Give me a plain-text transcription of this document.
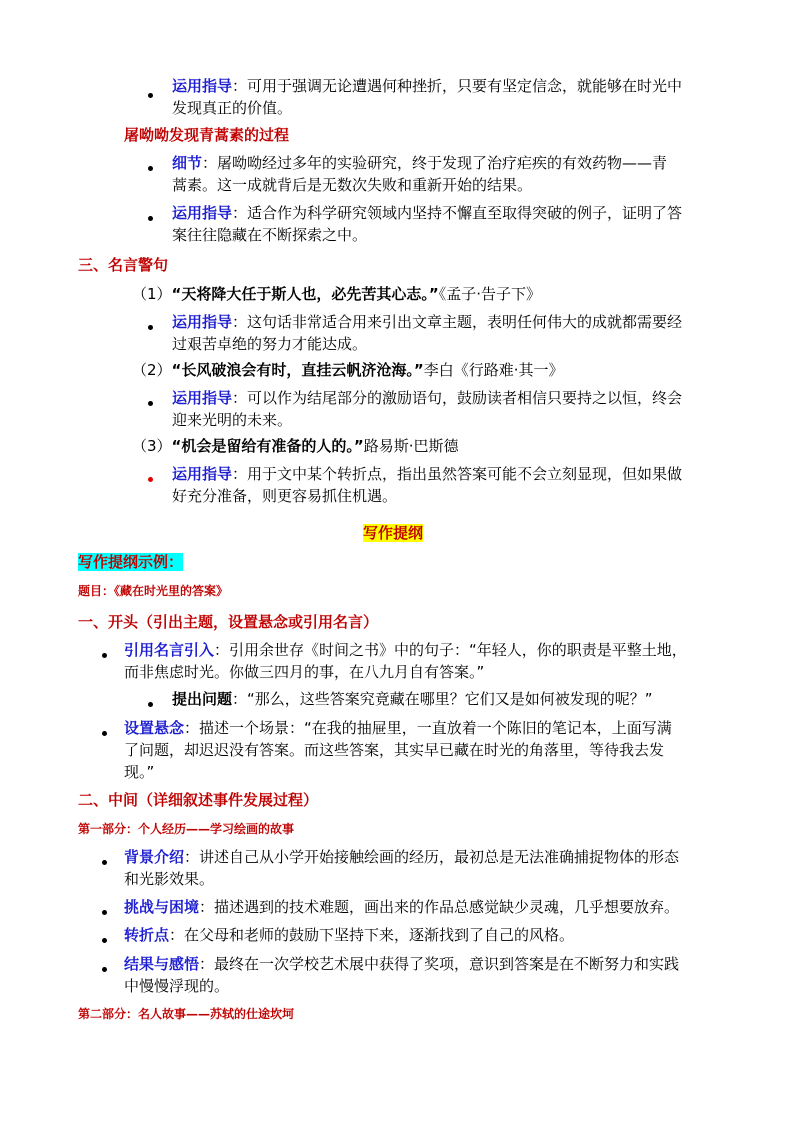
运用指导：可用于强调无论遭遇何种挫折，只要有坚定信念，就能够在时光中
发现真正的价值。
屠呦呦发现青蒿素的过程
细节：屠呦呦经过多年的实验研究，终于发现了治疗疟疾的有效药物——青
蒿素。这一成就背后是无数次失败和重新开始的结果。
运用指导：适合作为科学研究领域内坚持不懈直至取得突破的例子，证明了答
案往往隐藏在不断探索之中。
三、名言警句
（1）“天将降大任于斯人也，必先苦其心志。”《孟子·告子下》
运用指导：这句话非常适合用来引出文章主题，表明任何伟大的成就都需要经
过艰苦卓绝的努力才能达成。
（2）“长风破浪会有时，直挂云帆济沧海。”李白《行路难·其一》
运用指导：可以作为结尾部分的激励语句，鼓励读者相信只要持之以恒，终会
迎来光明的未来。
（3）“机会是留给有准备的人的。”路易斯·巴斯德
运用指导：用于文中某个转折点，指出虽然答案可能不会立刻显现，但如果做
好充分准备，则更容易抓住机遇。
写作提纲
写作提纲示例：
题目：《藏在时光里的答案》
一、开头（引出主题，设置悬念或引用名言）
引用名言引入：引用余世存《时间之书》中的句子：“年轻人，你的职责是平整土地，
而非焦虑时光。你做三四月的事，在八九月自有答案。”
提出问题：“那么，这些答案究竟藏在哪里？它们又是如何被发现的呢？”
设置悬念：描述一个场景：“在我的抽屉里，一直放着一个陈旧的笔记本，上面写满
了问题，却迟迟没有答案。而这些答案，其实早已藏在时光的角落里，等待我去发
现。”
二、中间（详细叙述事件发展过程）
第一部分：个人经历——学习绘画的故事
背景介绍：讲述自己从小学开始接触绘画的经历，最初总是无法准确捕捉物体的形态
和光影效果。
挑战与困境：描述遇到的技术难题，画出来的作品总感觉缺少灵魂，几乎想要放弃。
转折点：在父母和老师的鼓励下坚持下来，逐渐找到了自己的风格。
结果与感悟：最终在一次学校艺术展中获得了奖项，意识到答案是在不断努力和实践
中慢慢浮现的。
第二部分：名人故事——苏轼的仕途坎坷
